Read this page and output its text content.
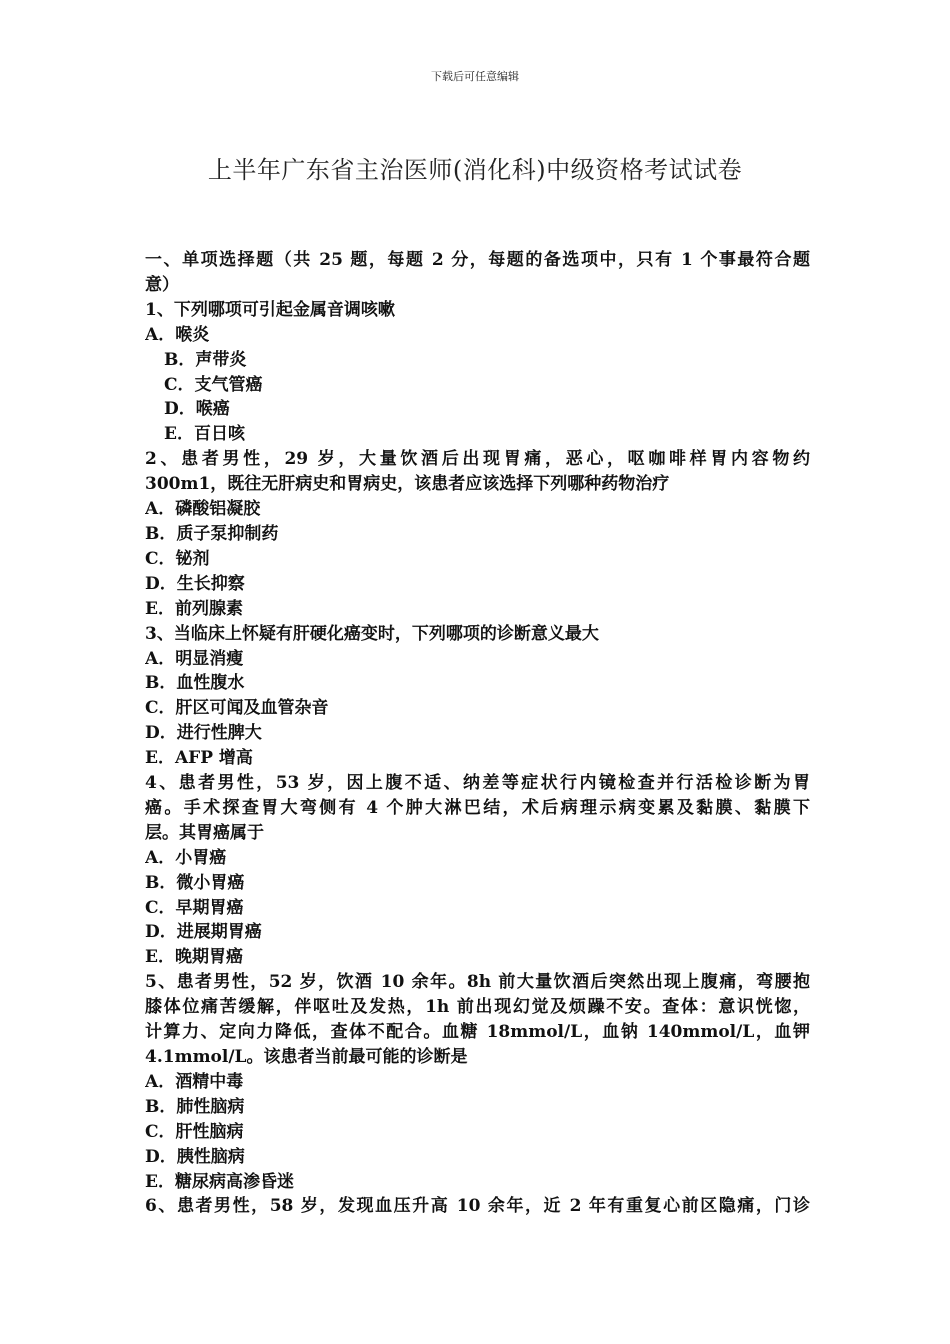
下载后可任意编辑
上半年广东省主治医师(消化科)中级资格考试试卷

一、单项选择题（共 25 题，每题 2 分，每题的备选项中，只有 1 个事最符合题

意）

1、下列哪项可引起金属音调咳嗽

A．喉炎

B．声带炎

C．支气管癌

D．喉癌

E．百日咳

2、患者男性，29 岁，大量饮酒后出现胃痛，恶心，呕咖啡样胃内容物约

300m1，既往无肝病史和胃病史，该患者应该选择下列哪种药物治疗

A．磷酸铝凝胶

B．质子泵抑制药

C．铋剂

D．生长抑察

E．前列腺素

3、当临床上怀疑有肝硬化癌变时，下列哪项的诊断意义最大

A．明显消瘦

B．血性腹水

C．肝区可闻及血管杂音

D．进行性脾大

E．AFP 增高

4、患者男性，53 岁，因上腹不适、纳差等症状行内镜检查并行活检诊断为胃

癌。手术探查胃大弯侧有 4 个肿大淋巴结，术后病理示病变累及黏膜、黏膜下

层。其胃癌属于

A．小胃癌

B．微小胃癌

C．早期胃癌

D．进展期胃癌

E．晚期胃癌

5、患者男性，52 岁，饮酒 10 余年。8h 前大量饮酒后突然出现上腹痛，弯腰抱

膝体位痛苦缓解，伴呕吐及发热，1h 前出现幻觉及烦躁不安。查体：意识恍惚，

计算力、定向力降低，查体不配合。血糖 18mmol/L，血钠 140mmol/L，血钾

4.1mmol/L。该患者当前最可能的诊断是

A．酒精中毒

B．肺性脑病

C．肝性脑病

D．胰性脑病

E．糖尿病高渗昏迷

6、患者男性，58 岁，发现血压升高 10 余年，近 2 年有重复心前区隐痛，门诊
